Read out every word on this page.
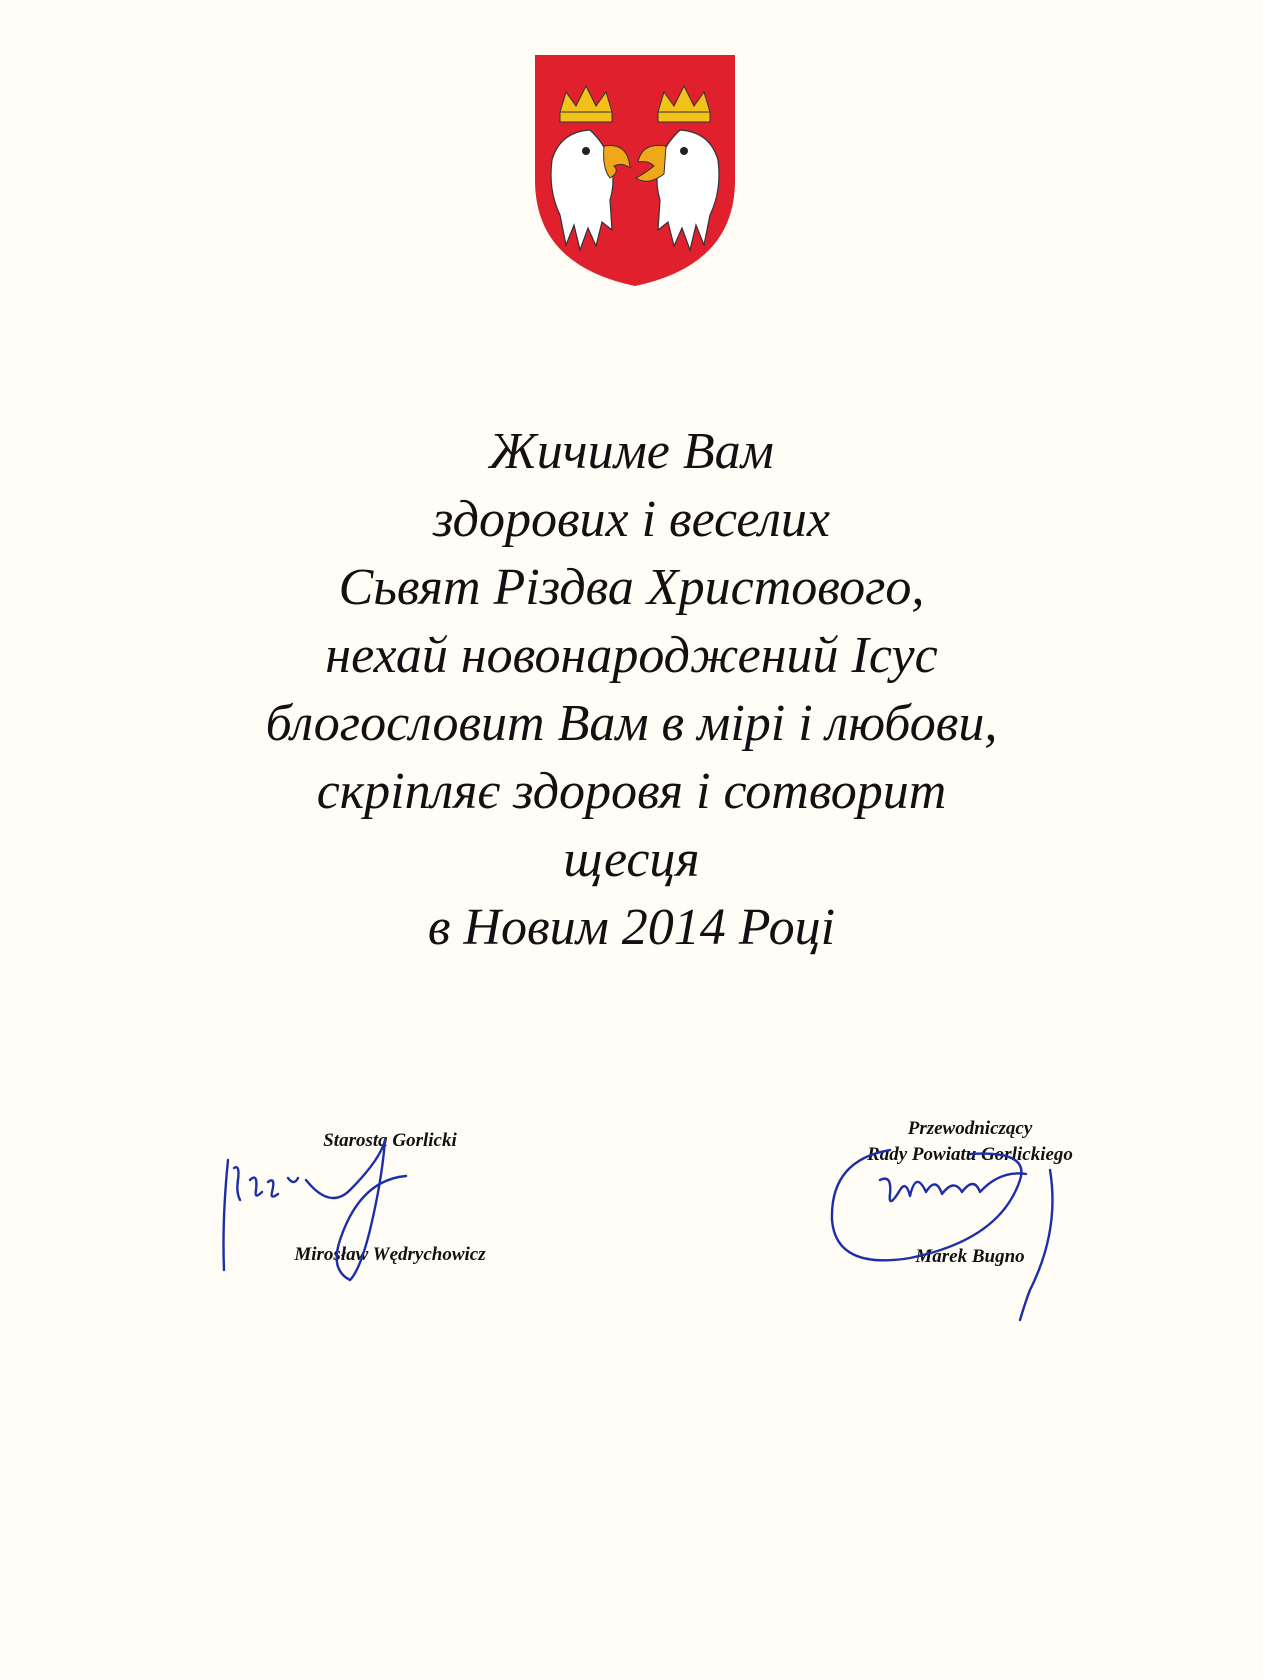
Жичиме Вам
здорових і веселих
Сьвят Різдва Христового,
нехай новонароджений Ісус
блогословит Вам в мірі і любови,
скріпляє здоровя і сотворит
щесця
в Новим 2014 Році
Starosta Gorlicki
Mirosław Wędrychowicz
Przewodniczący
Rady Powiatu Gorlickiego
Marek Bugno
